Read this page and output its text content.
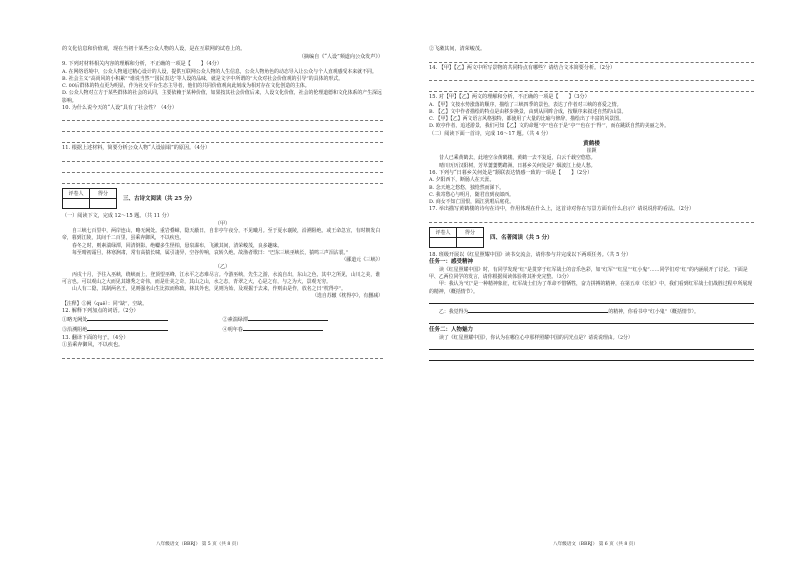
的文化信息和价值观，现在当初十某些公众人物的人设，是在互联网的试卷上的。

（摘编自《“人设”频道向公众发声》）

9. 下列对材料相关内容的理解和分析，不正确的一项是【　　】（4分）

A. 在网络语境中，公众人物通过精心设计的人设，提供互联网公众人物的人生信息，公众人物角色的动态导入让公众与个人直观感受本来就不同。

B. 社会主义“高尚风的小积累”“谁说当然”“国民表达”等人设的品味，就是文字中所谓的“大众对社会价值观的引导”的具体的形式。

C. 00后群体的特点更为明显，作为社交平台生态主导者，他们的共同价值观向此刻成为相对存在文化创造的主体。

D. 公众人物对立方于某些群体的社会的认同，主要依赖于某种价值，如果按其社会价值后来，人设文化价值，社会的伦理道德和文化体系的产生深远影响。

10. 为什么说今天的“人设”具有了社会性？（4分）

11. 根据上述材料，简要分析公众人物“人设崩塌”的原因。（4分）

评卷人	得分

三、古诗文阅读（共 25 分）

（一）阅读下文，完成 12～15 题。（共 11 分）

（甲）

自三峡七百里中，两岸连山，略无阙处。重岩叠嶂，隐天蔽日，自非亭午夜分，不见曦月。至于夏水襄陵，沿溯阻绝。或王命急宣，有时朝发白帝，暮到江陵，其间千二百里，虽乘奔御风，不以疾也。

春冬之时，则素湍绿潭，回清倒影。绝巘多生怪柏，悬泉瀑布，飞漱其间，清荣峻茂，良多趣味。

每至晴初霜旦，林寒涧肃，常有高猿长啸，属引凄异，空谷传响，哀转久绝。故渔者歌曰：“巴东三峡巫峡长，猿鸣三声泪沾裳。”

（郦道元《三峡》）

（乙）

丙戌十月，予往入巫峡，绕峡而上，登顶望巫峰，江水平之态难尽言。今游巫峡，先生之游，水流自出，东山之色，其中之所见，山川之美，谁可言也。可以观山之大而见其雄秀之奇伟，而是壮美之奇，其山之山，水之态，青翠之大，心是之有，与之为大，景观无穷。

山人有二隐，其制两名王，见则强名山生比拟而称致。林其外也，见则为始，及观掘于去来，作则由是作，放名之曰“枕得亭”。

（选自苏辙《枕得亭》，有删减）

【注释】①阙（quē）：同“缺”，空缺。

12. 解释下列加点的词语。（2分）

①略无阙处	②素湍绿潭
③沿溯阻绝	④明年春

13. 翻译下面的句子。（4分）

①虽乘奔御风，不以疾也。

八年级语文（BBRJ） 第 5 页（共 8 页）

②飞漱其间，清荣峻茂。

14. 【甲】【乙】两文中所写景物的共同特点有哪些？请结合文本简要分析。（2分）

15. 对【甲】【乙】两文的理解和分析，不正确的一项是【　　】（3分）

A. 【甲】文按水势涨落的顺序，描绘了三峡四季的景色，表达了作者对三峡的喜爱之情。

B. 【乙】文中作者描绘的特点是由移步换景，由到从回眸合成，按顺序来叙述自然的山景。

C. 【甲】【乙】两文语言风格独特，都使用了大量的比喻与修辞，描绘出了丰富的风景图。

D. 欧亭作者，追述游景，我们可知【乙】文的命题“亭”也在于是“亭”“也在于‘得’”，而在跳跃自然的美丽之外。

（二）阅读下面一首诗，完成 16～17 题。（共 4 分）

黄鹤楼

崔颢

昔人已乘黄鹤去，此地空余黄鹤楼。黄鹤一去不复返，白云千载空悠悠。

晴川历历汉阳树，芳草萋萋鹦鹉洲。日暮乡关何处是？烟波江上使人愁。

16. 下列与“日暮乡关何处是”颔联表达情感一致的一项是【　　】（2分）

A. 夕阳西下，断肠人在天涯。

B. 念天地之悠悠，独怆然而涕下。

C. 我寄愁心与明月，随君直到夜郎西。

D. 商女不知亡国恨，隔江犹唱后庭花。

17. 举出描写黄鹤楼的诗句在诗中，作用体现在什么上，这首诗对你在写景方面有什么启示？请说说你的看法。（2分）

评卷人	得分

四、名著阅读（共 5 分）

18. 班级开展以《红星照耀中国》读书交流会，请你参与并完成以下两项任务。（共 5 分）

任务一：感受精神

读《红星照耀中国》时，有同学发现“红”是贯穿于红军战士的音乐色彩，如“红军”“红星”“红小鬼”……同学们对“红”的内涵展开了讨论。下面是甲、乙两位同学的发言，请你根据阅读体验将其补充完整。（3分）

甲：我认为“红”是一种精神象征，红军战士们为了革命不惜牺牲，奋力拼搏的精神，在第五章《长征》中，我们看到红军战士们战胜过程中所展现的精神，（概括情节）。

乙：我觉得为	的精神，你看书中“红小鬼”（概括情节）。

任务二：人物魅力

读了《红星照耀中国》，你认为在哪位心中那样照耀中国的闪光点是？请说说理由。（2分）

八年级语文（BBRJ） 第 6 页（共 8 页）
